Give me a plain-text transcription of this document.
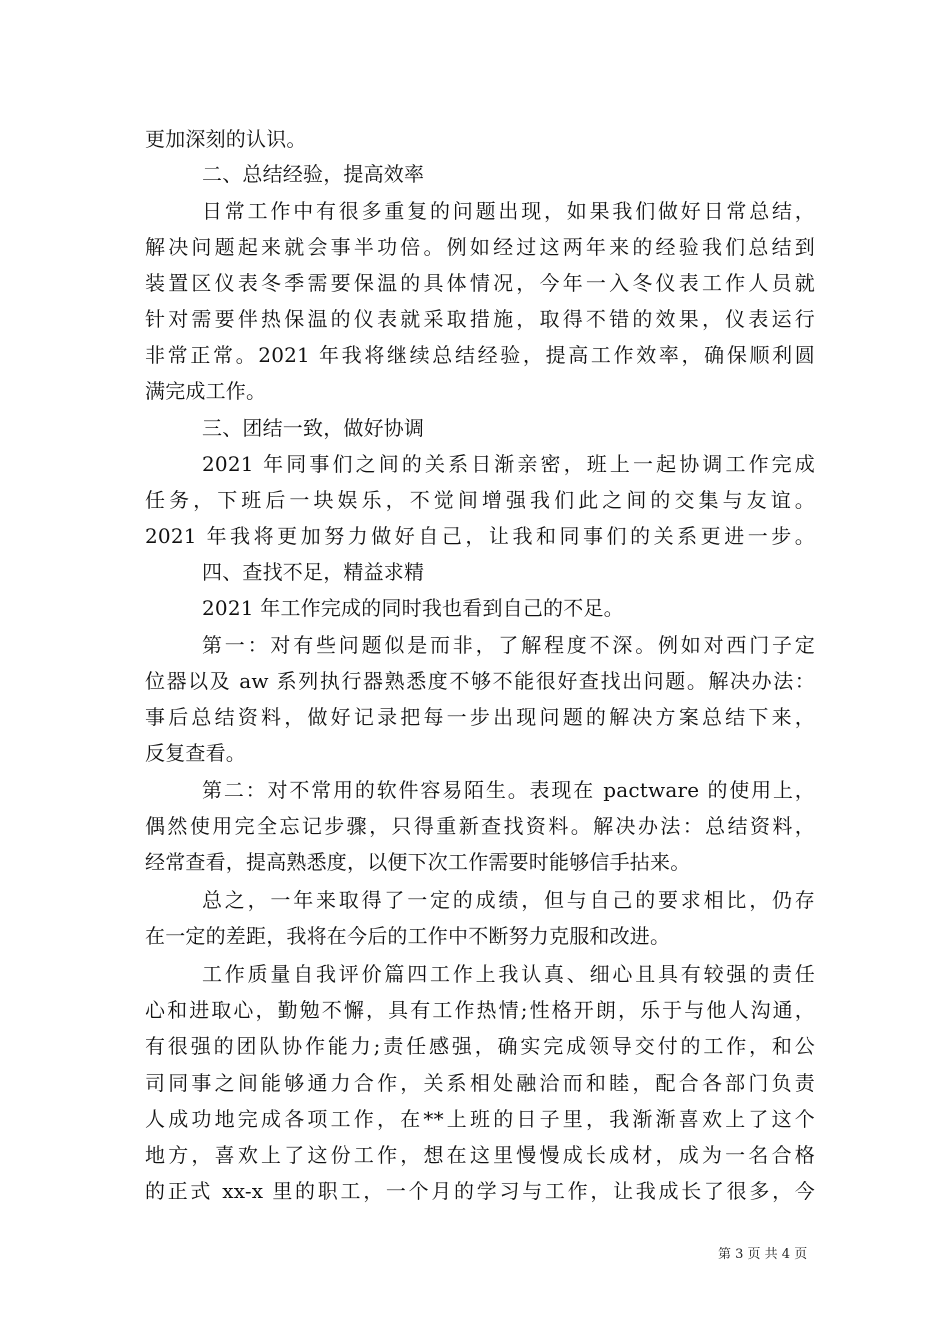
更加深刻的认识。
二、总结经验，提高效率
日常工作中有很多重复的问题出现，如果我们做好日常总结，
解决问题起来就会事半功倍。例如经过这两年来的经验我们总结到
装置区仪表冬季需要保温的具体情况，今年一入冬仪表工作人员就
针对需要伴热保温的仪表就采取措施，取得不错的效果，仪表运行
非常正常。2021 年我将继续总结经验，提高工作效率，确保顺利圆
满完成工作。
三、团结一致，做好协调
2021 年同事们之间的关系日渐亲密，班上一起协调工作完成
任务，下班后一块娱乐，不觉间增强我们此之间的交集与友谊。
2021 年我将更加努力做好自己，让我和同事们的关系更进一步。
四、查找不足，精益求精
2021 年工作完成的同时我也看到自己的不足。
第一：对有些问题似是而非，了解程度不深。例如对西门子定
位器以及 aw 系列执行器熟悉度不够不能很好查找出问题。解决办法：
事后总结资料，做好记录把每一步出现问题的解决方案总结下来，
反复查看。
第二：对不常用的软件容易陌生。表现在 pactware 的使用上，
偶然使用完全忘记步骤，只得重新查找资料。解决办法：总结资料，
经常查看，提高熟悉度，以便下次工作需要时能够信手拈来。
总之，一年来取得了一定的成绩，但与自己的要求相比，仍存
在一定的差距，我将在今后的工作中不断努力克服和改进。
工作质量自我评价篇四工作上我认真、细心且具有较强的责任
心和进取心，勤勉不懈，具有工作热情;性格开朗，乐于与他人沟通，
有很强的团队协作能力;责任感强，确实完成领导交付的工作，和公
司同事之间能够通力合作，关系相处融洽而和睦，配合各部门负责
人成功地完成各项工作，在**上班的日子里，我渐渐喜欢上了这个
地方，喜欢上了这份工作，想在这里慢慢成长成材，成为一名合格
的正式 xx-x 里的职工，一个月的学习与工作，让我成长了很多，今
第 3 页 共 4 页
